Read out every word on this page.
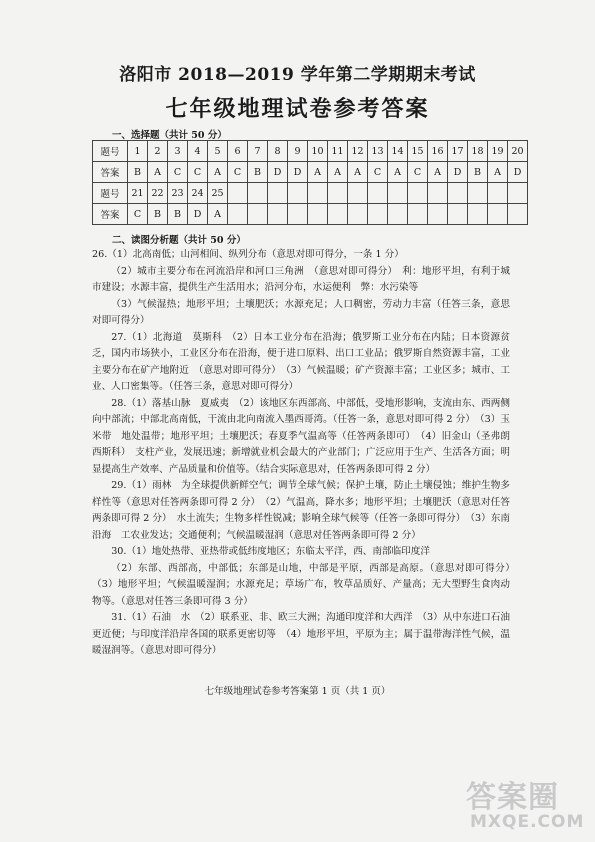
洛阳市 2018—2019 学年第二学期期末考试
七年级地理试卷参考答案
一、选择题（共计 50 分）
题号	1	2	3	4	5	6	7	8	9	10	11	12	13	14	15	16	17	18	19	20
答案	B	A	C	C	A	C	B	D	D	A	A	A	C	A	C	A	D	B	A	D
题号	21	22	23	24	25															
答案	C	B	B	D	A															
二、读图分析题（共计 50 分）

26.（1）北高南低；山河相间、纵列分布（意思对即可得分，一条 1 分）

（2）城市主要分布在河流沿岸和河口三角洲　（意思对即可得分）　利：地形平坦，有利于城市建设；水源丰富，提供生产生活用水；沿河分布，水运便利　弊：水污染等

（3）气候湿热；地形平坦；土壤肥沃；水源充足；人口稠密，劳动力丰富（任答三条，意思对即可得分）

27.（1）北海道　莫斯科　（2）日本工业分布在沿海；俄罗斯工业分布在内陆；日本资源贫乏，国内市场狭小，工业区分布在沿海，便于进口原料、出口工业品；俄罗斯自然资源丰富，工业主要分布在矿产地附近　（意思对即可得分）　（3）气候温暖；矿产资源丰富；工业区多；城市、工业、人口密集等。（任答三条，意思对即可得分）

28.（1）落基山脉　夏威夷　（2）该地区东西部高、中部低，受地形影响，支流由东、西两侧向中部流；中部北高南低，干流由北向南流入墨西哥湾。（任答一条，意思对即可得 2 分）　（3）玉米带　地处温带；地形平坦；土壤肥沃；春夏季气温高等（任答两条即可）　（4）旧金山（圣弗朗西斯科）　支柱产业，发展迅速；新增就业机会最大的产业部门；广泛应用于生产、生活各方面；明显提高生产效率、产品质量和价值等。（结合实际意思对，任答两条即可得 2 分）

29.（1）雨林　为全球提供新鲜空气；调节全球气候；保护土壤，防止土壤侵蚀；维护生物多样性等（意思对任答两条即可得 2 分）　（2）气温高，降水多；地形平坦；土壤肥沃（意思对任答两条即可得 2 分）　水土流失；生物多样性锐减；影响全球气候等（任答一条即可得分）　（3）东南沿海　工农业发达；交通便利；气候温暖湿润（意思对任答两条即可得 2 分）

30.（1）地处热带、亚热带或低纬度地区；东临太平洋，西、南部临印度洋

（2）东部、西部高，中部低；东部是山地，中部是平原，西部是高原。（意思对即可得分）　（3）地形平坦；气候温暖湿润；水源充足；草场广布，牧草品质好、产量高；无大型野生食肉动物等。（意思对任答三条即可得 3 分）

31.（1）石油　水　（2）联系亚、非、欧三大洲；沟通印度洋和大西洋　（3）从中东进口石油更近便；与印度洋沿岸各国的联系更密切等　（4）地形平坦，平原为主；属于温带海洋性气候，温暖湿润等。（意思对即可得分）

七年级地理试卷参考答案第 1 页（共 1 页）
答案圈
MXQE.COM
